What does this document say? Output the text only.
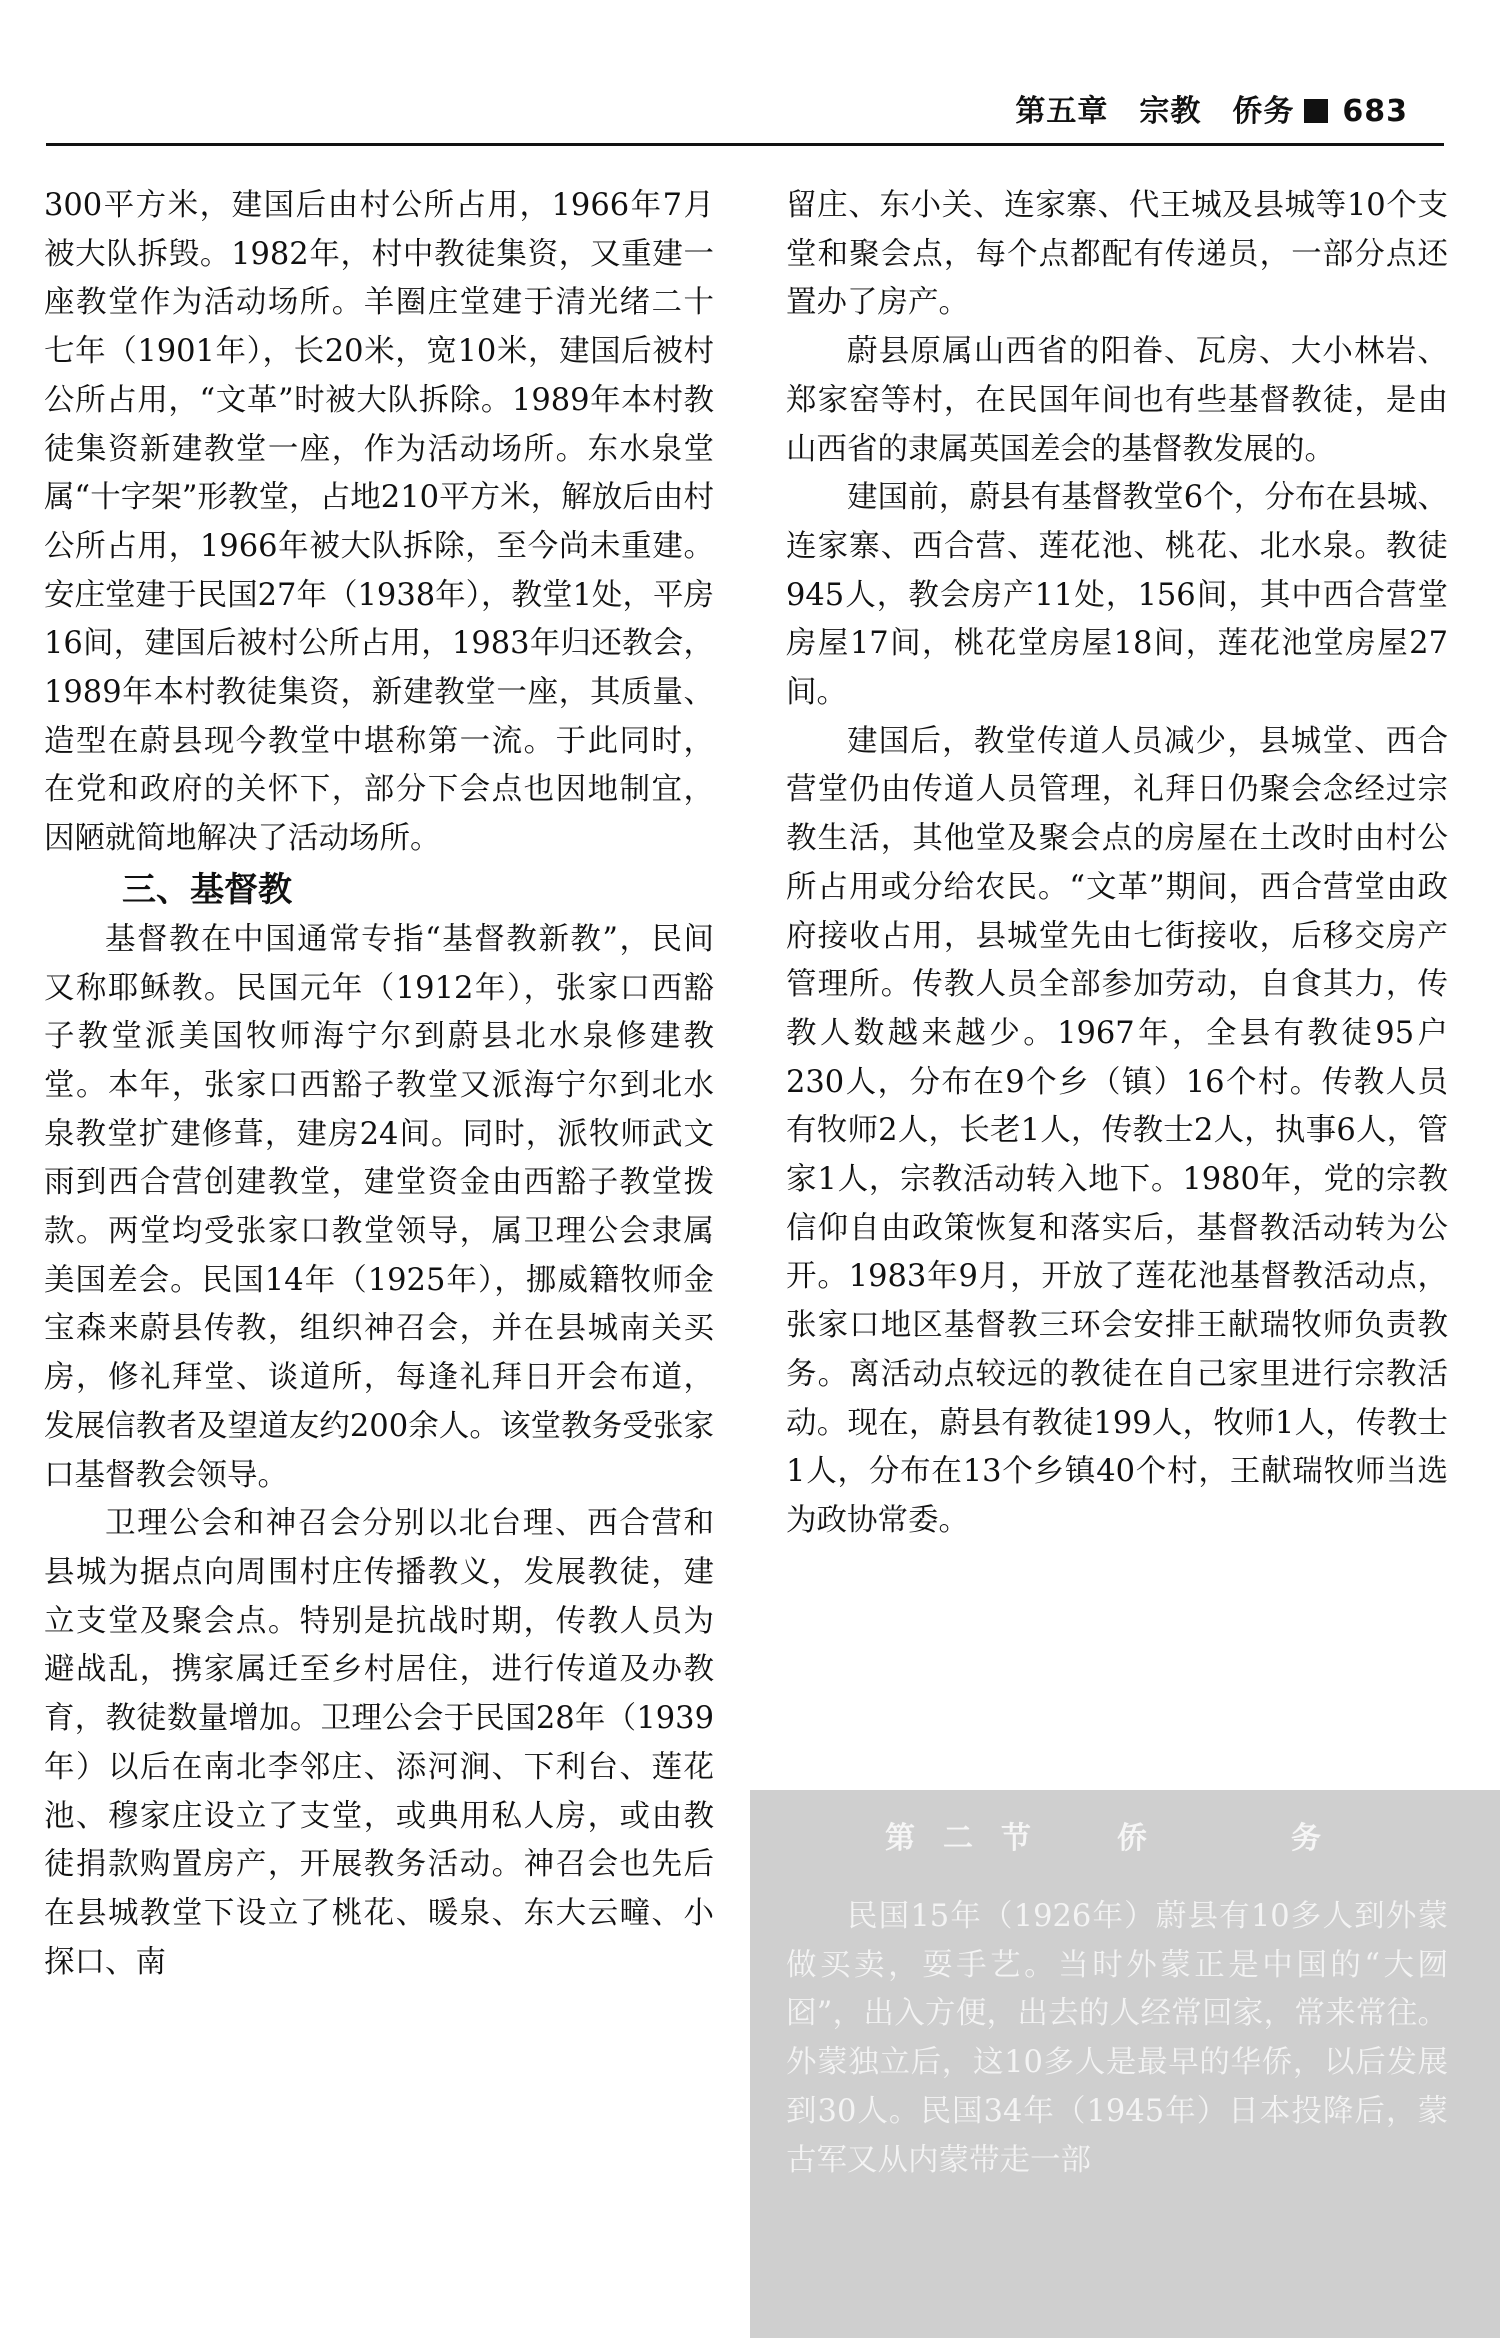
第五章　宗教　侨务 683

300平方米，建国后由村公所占用，1966年7月被大队拆毁。1982年，村中教徒集资，又重建一座教堂作为活动场所。羊圈庄堂建于清光绪二十七年（1901年），长20米，宽10米，建国后被村公所占用，“文革”时被大队拆除。1989年本村教徒集资新建教堂一座，作为活动场所。东水泉堂属“十字架”形教堂，占地210平方米，解放后由村公所占用，1966年被大队拆除，至今尚未重建。安庄堂建于民国27年（1938年），教堂1处，平房16间，建国后被村公所占用，1983年归还教会，1989年本村教徒集资，新建教堂一座，其质量、造型在蔚县现今教堂中堪称第一流。于此同时，在党和政府的关怀下，部分下会点也因地制宜，因陋就简地解决了活动场所。

三、基督教

基督教在中国通常专指“基督教新教”，民间又称耶稣教。民国元年（1912年），张家口西豁子教堂派美国牧师海宁尔到蔚县北水泉修建教堂。本年，张家口西豁子教堂又派海宁尔到北水泉教堂扩建修葺，建房24间。同时，派牧师武文雨到西合营创建教堂，建堂资金由西豁子教堂拨款。两堂均受张家口教堂领导，属卫理公会隶属美国差会。民国14年（1925年），挪威籍牧师金宝森来蔚县传教，组织神召会，并在县城南关买房，修礼拜堂、谈道所，每逢礼拜日开会布道，发展信教者及望道友约200余人。该堂教务受张家口基督教会领导。

卫理公会和神召会分别以北台理、西合营和县城为据点向周围村庄传播教义，发展教徒，建立支堂及聚会点。特别是抗战时期，传教人员为避战乱，携家属迁至乡村居住，进行传道及办教育，教徒数量增加。卫理公会于民国28年（1939年）以后在南北李邻庄、添河涧、下利台、莲花池、穆家庄设立了支堂，或典用私人房，或由教徒捐款购置房产，开展教务活动。神召会也先后在县城教堂下设立了桃花、暖泉、东大云疃、小探口、南

留庄、东小关、连家寨、代王城及县城等10个支堂和聚会点，每个点都配有传递员，一部分点还置办了房产。

蔚县原属山西省的阳眷、瓦房、大小林岩、郑家窑等村，在民国年间也有些基督教徒，是由山西省的隶属英国差会的基督教发展的。

建国前，蔚县有基督教堂6个，分布在县城、连家寨、西合营、莲花池、桃花、北水泉。教徒945人，教会房产11处，156间，其中西合营堂房屋17间，桃花堂房屋18间，莲花池堂房屋27间。

建国后，教堂传道人员减少，县城堂、西合营堂仍由传道人员管理，礼拜日仍聚会念经过宗教生活，其他堂及聚会点的房屋在土改时由村公所占用或分给农民。“文革”期间，西合营堂由政府接收占用，县城堂先由七街接收，后移交房产管理所。传教人员全部参加劳动，自食其力，传教人数越来越少。1967年，全县有教徒95户230人，分布在9个乡（镇）16个村。传教人员有牧师2人，长老1人，传教士2人，执事6人，管家1人，宗教活动转入地下。1980年，党的宗教信仰自由政策恢复和落实后，基督教活动转为公开。1983年9月，开放了莲花池基督教活动点，张家口地区基督教三环会安排王献瑞牧师负责教务。离活动点较远的教徒在自己家里进行宗教活动。现在，蔚县有教徒199人，牧师1人，传教士1人，分布在13个乡镇40个村，王献瑞牧师当选为政协常委。

第二节　侨　　务

民国15年（1926年）蔚县有10多人到外蒙做买卖，耍手艺。当时外蒙正是中国的“大囫囵”，出入方便，出去的人经常回家，常来常往。外蒙独立后，这10多人是最早的华侨，以后发展到30人。民国34年（1945年）日本投降后，蒙古军又从内蒙带走一部
